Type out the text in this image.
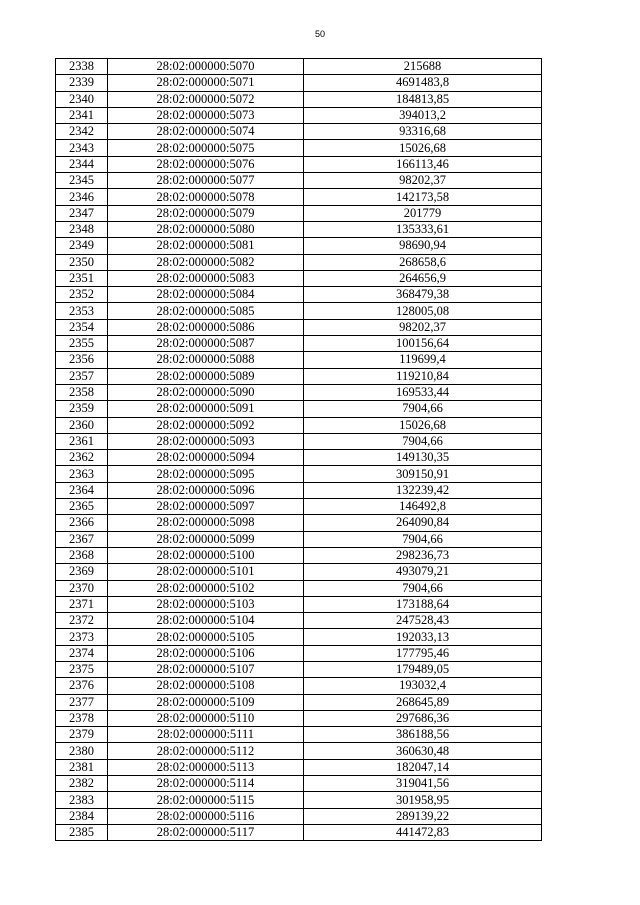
50
2338	28:02:000000:5070	215688
2339	28:02:000000:5071	4691483,8
2340	28:02:000000:5072	184813,85
2341	28:02:000000:5073	394013,2
2342	28:02:000000:5074	93316,68
2343	28:02:000000:5075	15026,68
2344	28:02:000000:5076	166113,46
2345	28:02:000000:5077	98202,37
2346	28:02:000000:5078	142173,58
2347	28:02:000000:5079	201779
2348	28:02:000000:5080	135333,61
2349	28:02:000000:5081	98690,94
2350	28:02:000000:5082	268658,6
2351	28:02:000000:5083	264656,9
2352	28:02:000000:5084	368479,38
2353	28:02:000000:5085	128005,08
2354	28:02:000000:5086	98202,37
2355	28:02:000000:5087	100156,64
2356	28:02:000000:5088	119699,4
2357	28:02:000000:5089	119210,84
2358	28:02:000000:5090	169533,44
2359	28:02:000000:5091	7904,66
2360	28:02:000000:5092	15026,68
2361	28:02:000000:5093	7904,66
2362	28:02:000000:5094	149130,35
2363	28:02:000000:5095	309150,91
2364	28:02:000000:5096	132239,42
2365	28:02:000000:5097	146492,8
2366	28:02:000000:5098	264090,84
2367	28:02:000000:5099	7904,66
2368	28:02:000000:5100	298236,73
2369	28:02:000000:5101	493079,21
2370	28:02:000000:5102	7904,66
2371	28:02:000000:5103	173188,64
2372	28:02:000000:5104	247528,43
2373	28:02:000000:5105	192033,13
2374	28:02:000000:5106	177795,46
2375	28:02:000000:5107	179489,05
2376	28:02:000000:5108	193032,4
2377	28:02:000000:5109	268645,89
2378	28:02:000000:5110	297686,36
2379	28:02:000000:5111	386188,56
2380	28:02:000000:5112	360630,48
2381	28:02:000000:5113	182047,14
2382	28:02:000000:5114	319041,56
2383	28:02:000000:5115	301958,95
2384	28:02:000000:5116	289139,22
2385	28:02:000000:5117	441472,83
